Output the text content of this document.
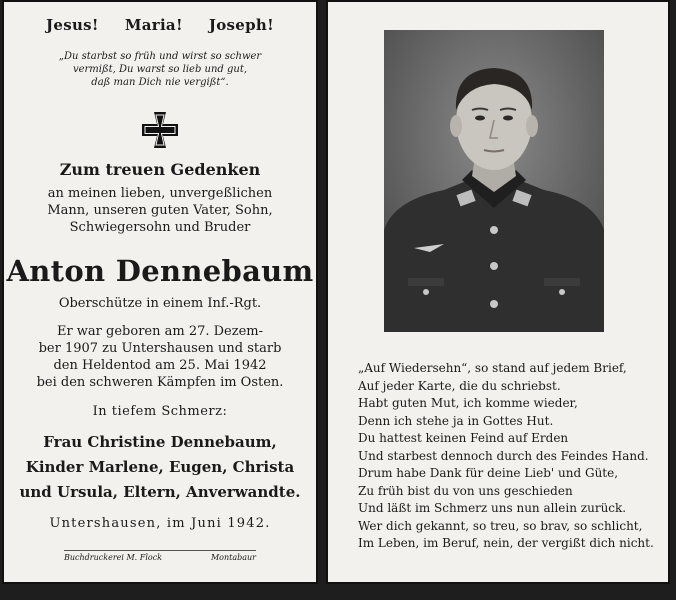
Jesus! Maria! Joseph!
„Du starbst so früh und wirst so schwer
vermißt, Du warst so lieb und gut,
daß man Dich nie vergißt“.
Zum treuen Gedenken
an meinen lieben, unvergeßlichen
Mann, unseren guten Vater, Sohn,
Schwiegersohn und Bruder
Anton Dennebaum
Oberschütze in einem Inf.-Rgt.
Er war geboren am 27. Dezem-
ber 1907 zu Untershausen und starb
den Heldentod am 25. Mai 1942
bei den schweren Kämpfen im Osten.
In tiefem Schmerz:
Frau Christine Dennebaum,
Kinder Marlene, Eugen, Christa
und Ursula, Eltern, Anverwandte.
Untershausen, im Juni 1942.
Buchdruckerei M. Flock	Montabaur
„Auf Wiedersehn“, so stand auf jedem Brief,
Auf jeder Karte, die du schriebst.
Habt guten Mut, ich komme wieder,
Denn ich stehe ja in Gottes Hut.
Du hattest keinen Feind auf Erden
Und starbest dennoch durch des Feindes Hand.
Drum habe Dank für deine Lieb' und Güte,
Zu früh bist du von uns geschieden
Und läßt im Schmerz uns nun allein zurück.
Wer dich gekannt, so treu, so brav, so schlicht,
Im Leben, im Beruf, nein, der vergißt dich nicht.
